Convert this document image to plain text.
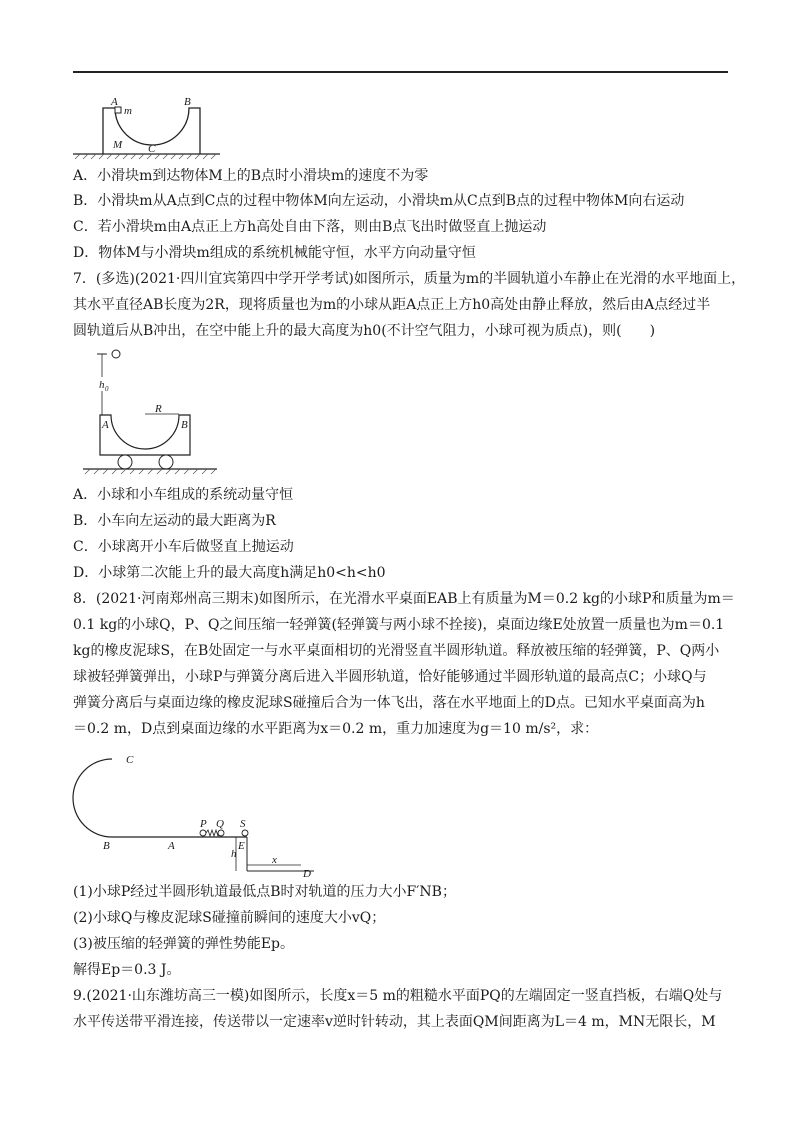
A
m
B
M C
A．小滑块m到达物体M上的B点时小滑块m的速度不为零
B．小滑块m从A点到C点的过程中物体M向左运动，小滑块m从C点到B点的过程中物体M向右运动
C．若小滑块m由A点正上方h高处自由下落，则由B点飞出时做竖直上抛运动
D．物体M与小滑块m组成的系统机械能守恒，水平方向动量守恒
7．(多选)(2021·四川宜宾第四中学开学考试)如图所示，质量为m的半圆轨道小车静止在光滑的水平地面上，
其水平直径AB长度为2R，现将质量也为m的小球从距A点正上方h0高处由静止释放，然后由A点经过半
圆轨道后从B冲出，在空中能上升的最大高度为h0(不计空气阻力，小球可视为质点)，则(　　)
h 0
R
A	B
A．小球和小车组成的系统动量守恒
B．小车向左运动的最大距离为R
C．小球离开小车后做竖直上抛运动
D．小球第二次能上升的最大高度h满足h0<h<h0
8．(2021·河南郑州高三期末)如图所示，在光滑水平桌面EAB上有质量为M＝0.2 kg的小球P和质量为m＝
0.1 kg的小球Q，P、Q之间压缩一轻弹簧(轻弹簧与两小球不拴接)，桌面边缘E处放置一质量也为m＝0.1
kg的橡皮泥球S，在B处固定一与水平桌面相切的光滑竖直半圆形轨道。释放被压缩的轻弹簧，P、Q两小
球被轻弹簧弹出，小球P与弹簧分离后进入半圆形轨道，恰好能够通过半圆形轨道的最高点C；小球Q与
弹簧分离后与桌面边缘的橡皮泥球S碰撞后合为一体飞出，落在水平地面上的D点。已知水平桌面高为h
＝0.2 m，D点到桌面边缘的水平距离为x＝0.2 m，重力加速度为g＝10 m/s²，求：
C
B	A
P Q S
E
h	x
D
(1)小球P经过半圆形轨道最低点B时对轨道的压力大小F′NB；
(2)小球Q与橡皮泥球S碰撞前瞬间的速度大小vQ；
(3)被压缩的轻弹簧的弹性势能Ep。
解得Ep＝0.3 J。
9.(2021·山东潍坊高三一模)如图所示，长度x＝5 m的粗糙水平面PQ的左端固定一竖直挡板，右端Q处与
水平传送带平滑连接，传送带以一定速率v逆时针转动，其上表面QM间距离为L＝4 m，MN无限长，M
